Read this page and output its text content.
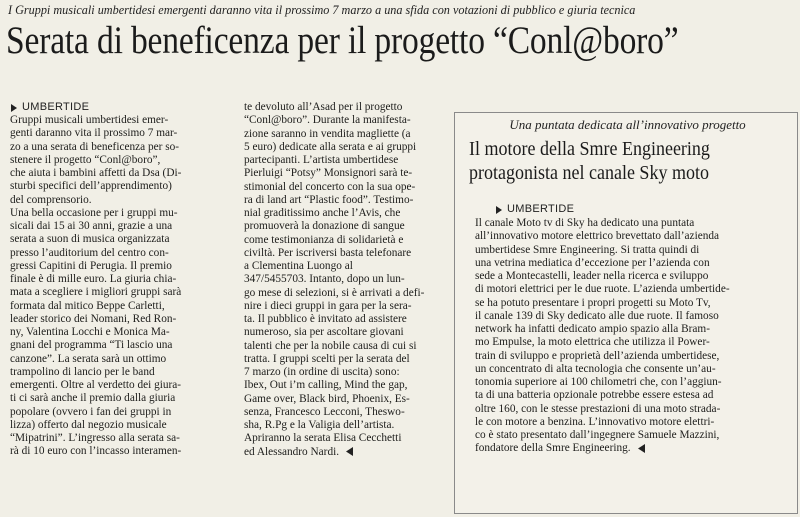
I Gruppi musicali umbertidesi emergenti daranno vita il prossimo 7 marzo a una sfida con votazioni di pubblico e giuria tecnica
Serata di beneficenza per il progetto “Conl@boro”
UMBERTIDE

Gruppi musicali umbertidesi emer-
genti daranno vita il prossimo 7 mar-
zo a una serata di beneficenza per so-
stenere il progetto “Conl@boro”,
che aiuta i bambini affetti da Dsa (Di-
sturbi specifici dell’apprendimento)
del comprensorio.
Una bella occasione per i gruppi mu-
sicali dai 15 ai 30 anni, grazie a una
serata a suon di musica organizzata
presso l’auditorium del centro con-
gressi Capitini di Perugia. Il premio
finale è di mille euro. La giuria chia-
mata a scegliere i migliori gruppi sarà
formata dal mitico Beppe Carletti,
leader storico dei Nomani, Red Ron-
ny, Valentina Locchi e Monica Ma-
gnani del programma “Ti lascio una
canzone”. La serata sarà un ottimo
trampolino di lancio per le band
emergenti. Oltre al verdetto dei giura-
ti ci sarà anche il premio dalla giuria
popolare (ovvero i fan dei gruppi in
lizza) offerto dal negozio musicale
“Mipatrini”. L’ingresso alla serata sa-
rà di 10 euro con l’incasso interamen-

te devoluto all’Asad per il progetto
“Conl@boro”. Durante la manifesta-
zione saranno in vendita magliette (a
5 euro) dedicate alla serata e ai gruppi
partecipanti. L’artista umbertidese
Pierluigi “Potsy” Monsignori sarà te-
stimonial del concerto con la sua ope-
ra di land art “Plastic food”. Testimo-
nial graditissimo anche l’Avis, che
promuoverà la donazione di sangue
come testimonianza di solidarietà e
civiltà. Per iscriversi basta telefonare
a Clementina Luongo al
347/5455703. Intanto, dopo un lun-
go mese di selezioni, si è arrivati a defi-
nire i dieci gruppi in gara per la sera-
ta. Il pubblico è invitato ad assistere
numeroso, sia per ascoltare giovani
talenti che per la nobile causa di cui si
tratta. I gruppi scelti per la serata del
7 marzo (in ordine di uscita) sono:
Ibex, Out i’m calling, Mind the gap,
Game over, Black bird, Phoenix, Es-
senza, Francesco Lecconi, Theswo-
sha, R.Pg e la Valigia dell’artista.
Apriranno la serata Elisa Cecchetti
ed Alessandro Nardi.

Una puntata dedicata all’innovativo progetto
Il motore della Smre Engineering
protagonista nel canale Sky moto
UMBERTIDE
Il canale Moto tv di Sky ha dedicato una puntata
all’innovativo motore elettrico brevettato dall’azienda
umbertidese Smre Engineering. Si tratta quindi di
una vetrina mediatica d’eccezione per l’azienda con
sede a Montecastelli, leader nella ricerca e sviluppo
di motori elettrici per le due ruote. L’azienda umbertide-
se ha potuto presentare i propri progetti su Moto Tv,
il canale 139 di Sky dedicato alle due ruote. Il famoso
network ha infatti dedicato ampio spazio alla Bram-
mo Empulse, la moto elettrica che utilizza il Power-
train di sviluppo e proprietà dell’azienda umbertidese,
un concentrato di alta tecnologia che consente un’au-
tonomia superiore ai 100 chilometri che, con l’aggiun-
ta di una batteria opzionale potrebbe essere estesa ad
oltre 160, con le stesse prestazioni di una moto strada-
le con motore a benzina. L’innovativo motore elettri-
co è stato presentato dall’ingegnere Samuele Mazzini,
fondatore della Smre Engineering.
